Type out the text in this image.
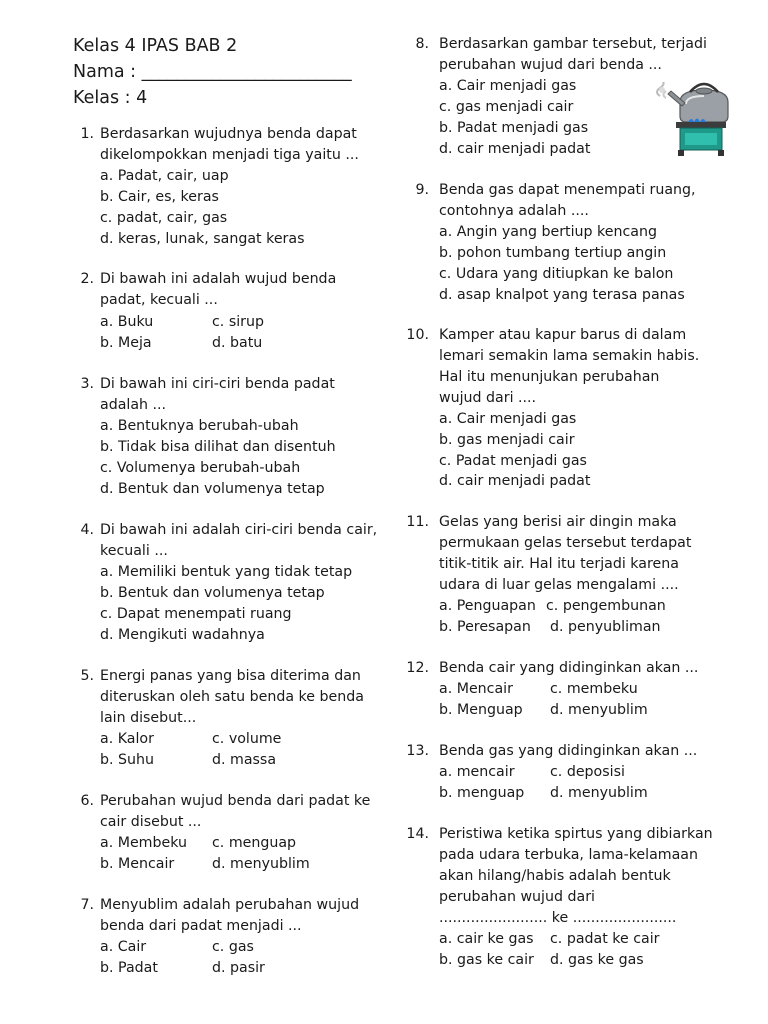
Kelas 4 IPAS BAB 2
Nama : ________________________
Kelas : 4
1. Berdasarkan wujudnya benda dapat
dikelompokkan menjadi tiga yaitu ...
a. Padat, cair, uap
b. Cair, es, keras
c. padat, cair, gas
d. keras, lunak, sangat keras
2. Di bawah ini adalah wujud benda
padat, kecuali ...
a. Buku	c. sirup
b. Meja	d. batu
3. Di bawah ini ciri-ciri benda padat
adalah ...
a. Bentuknya berubah-ubah
b. Tidak bisa dilihat dan disentuh
c. Volumenya berubah-ubah
d. Bentuk dan volumenya tetap
4. Di bawah ini adalah ciri-ciri benda cair,
kecuali ...
a. Memiliki bentuk yang tidak tetap
b. Bentuk dan volumenya tetap
c. Dapat menempati ruang
d. Mengikuti wadahnya
5. Energi panas yang bisa diterima dan
diteruskan oleh satu benda ke benda
lain disebut...
a. Kalor	c. volume
b. Suhu	d. massa
6. Perubahan wujud benda dari padat ke
cair disebut ...
a. Membeku c. menguap
b. Mencair	d. menyublim
7. Menyublim adalah perubahan wujud
benda dari padat menjadi ...
a. Cair	c. gas
b. Padat	d. pasir
8. Berdasarkan gambar tersebut, terjadi
perubahan wujud dari benda ...
a. Cair menjadi gas
c. gas menjadi cair
b. Padat menjadi gas
d. cair menjadi padat
9. Benda gas dapat menempati ruang,
contohnya adalah ....
a. Angin yang bertiup kencang
b. pohon tumbang tertiup angin
c. Udara yang ditiupkan ke balon
d. asap knalpot yang terasa panas
10. Kamper atau kapur barus di dalam
lemari semakin lama semakin habis.
Hal itu menunjukan perubahan
wujud dari ....
a. Cair menjadi gas
b. gas menjadi cair
c. Padat menjadi gas
d. cair menjadi padat
11. Gelas yang berisi air dingin maka
permukaan gelas tersebut terdapat
titik-titik air. Hal itu terjadi karena
udara di luar gelas mengalami ....
a. Penguapan c. pengembunan
b. Peresapan d. penyubliman
12. Benda cair yang didinginkan akan ...
a. Mencair	c. membeku
b. Menguap d. menyublim
13. Benda gas yang didinginkan akan ...
a. mencair c. deposisi
b. menguap d. menyublim
14. Peristiwa ketika spirtus yang dibiarkan
pada udara terbuka, lama-kelamaan
akan hilang/habis adalah bentuk
perubahan wujud dari
........................ ke .......................
a. cair ke gas c. padat ke cair
b. gas ke cair d. gas ke gas
